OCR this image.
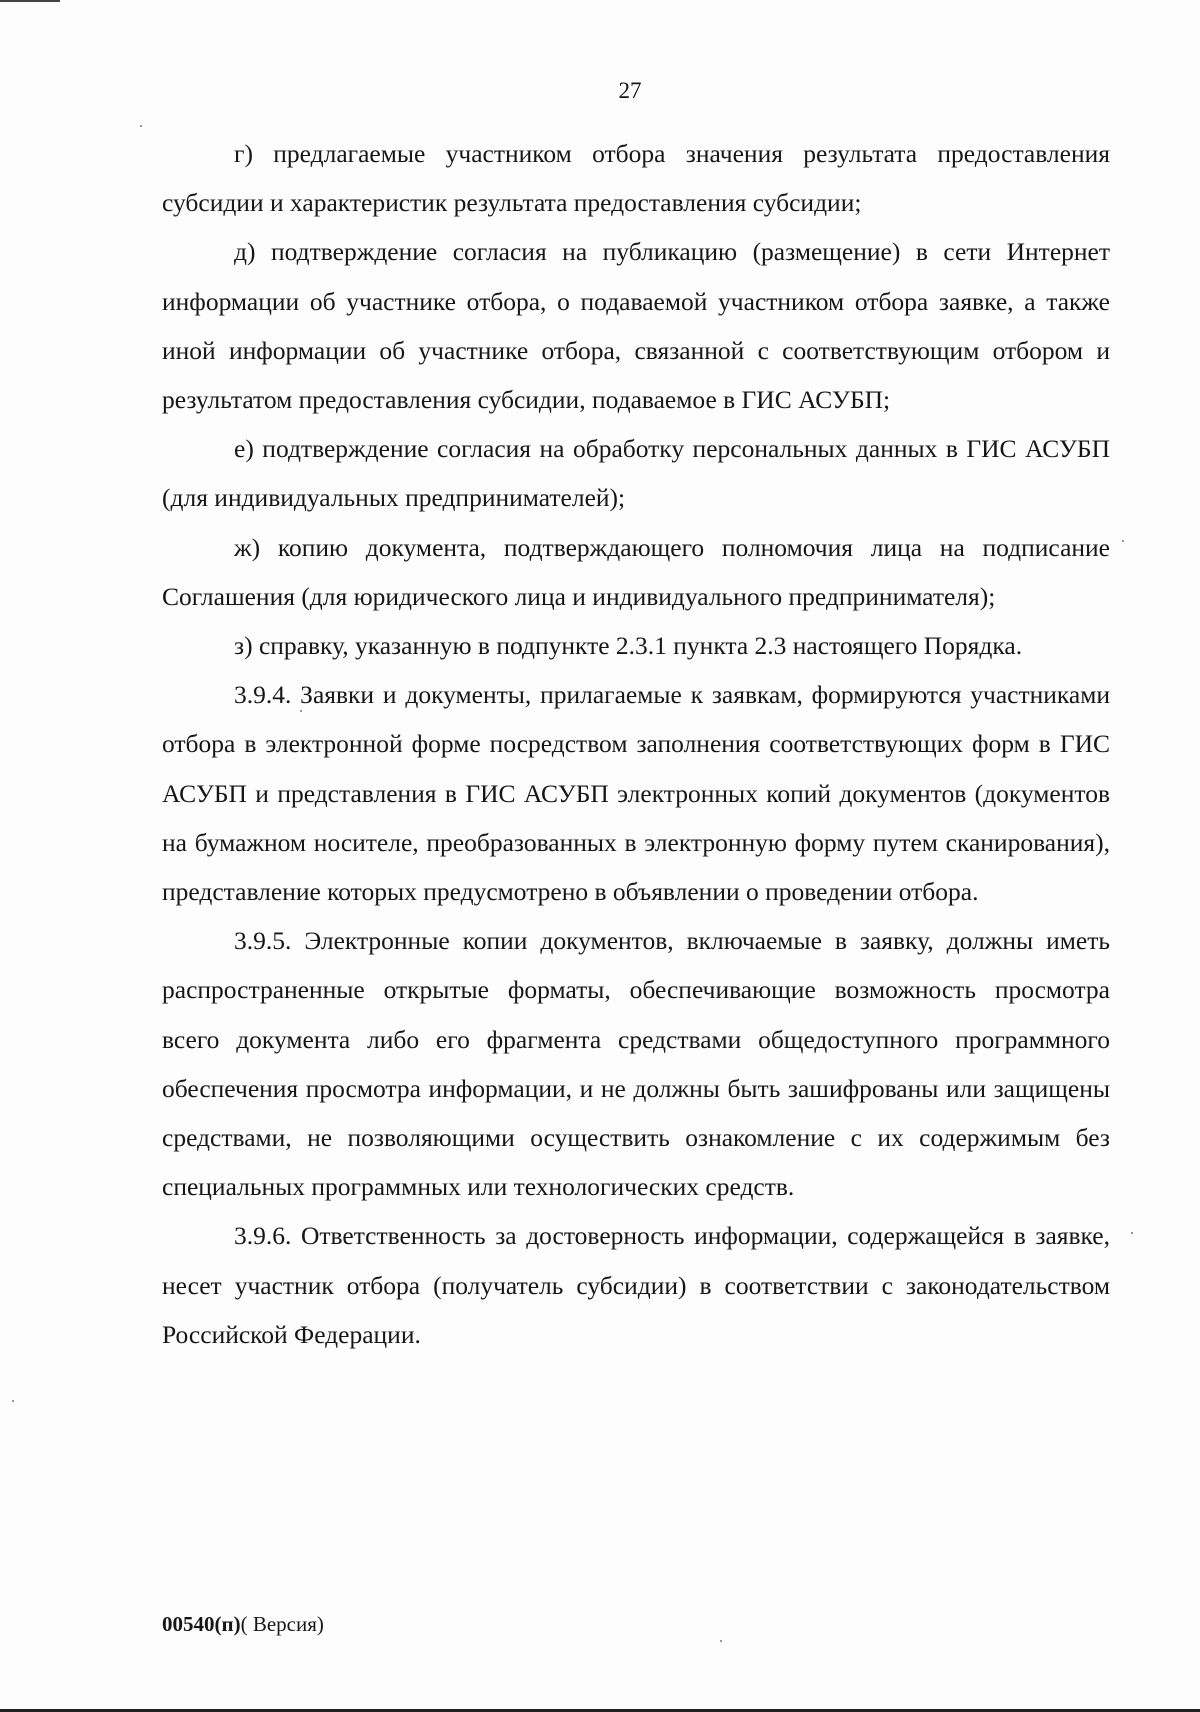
27

г) предлагаемые участником отбора значения результата предоставления субсидии и характеристик результата предоставления субсидии;

д) подтверждение согласия на публикацию (размещение) в сети Интернет информации об участнике отбора, о подаваемой участником отбора заявке, а также иной информации об участнике отбора, связанной с соответствующим отбором и результатом предоставления субсидии, подаваемое в ГИС АСУБП;

е) подтверждение согласия на обработку персональных данных в ГИС АСУБП (для индивидуальных предпринимателей);

ж) копию документа, подтверждающего полномочия лица на подписание Соглашения (для юридического лица и индивидуального предпринимателя);

з) справку, указанную в подпункте 2.3.1 пункта 2.3 настоящего Порядка.

3.9.4. Заявки и документы, прилагаемые к заявкам, формируются участниками отбора в электронной форме посредством заполнения соответствующих форм в ГИС АСУБП и представления в ГИС АСУБП электронных копий документов (документов на бумажном носителе, преобразованных в электронную форму путем сканирования), представление которых предусмотрено в объявлении о проведении отбора.

3.9.5. Электронные копии документов, включаемые в заявку, должны иметь распространенные открытые форматы, обеспечивающие возможность просмотра всего документа либо его фрагмента средствами общедоступного программного обеспечения просмотра информации, и не должны быть зашифрованы или защищены средствами, не позволяющими осуществить ознакомление с их содержимым без специальных программных или технологических средств.

3.9.6. Ответственность за достоверность информации, содержащейся в заявке, несет участник отбора (получатель субсидии) в соответствии с законодательством Российской Федерации.

00540(п)( Версия)
